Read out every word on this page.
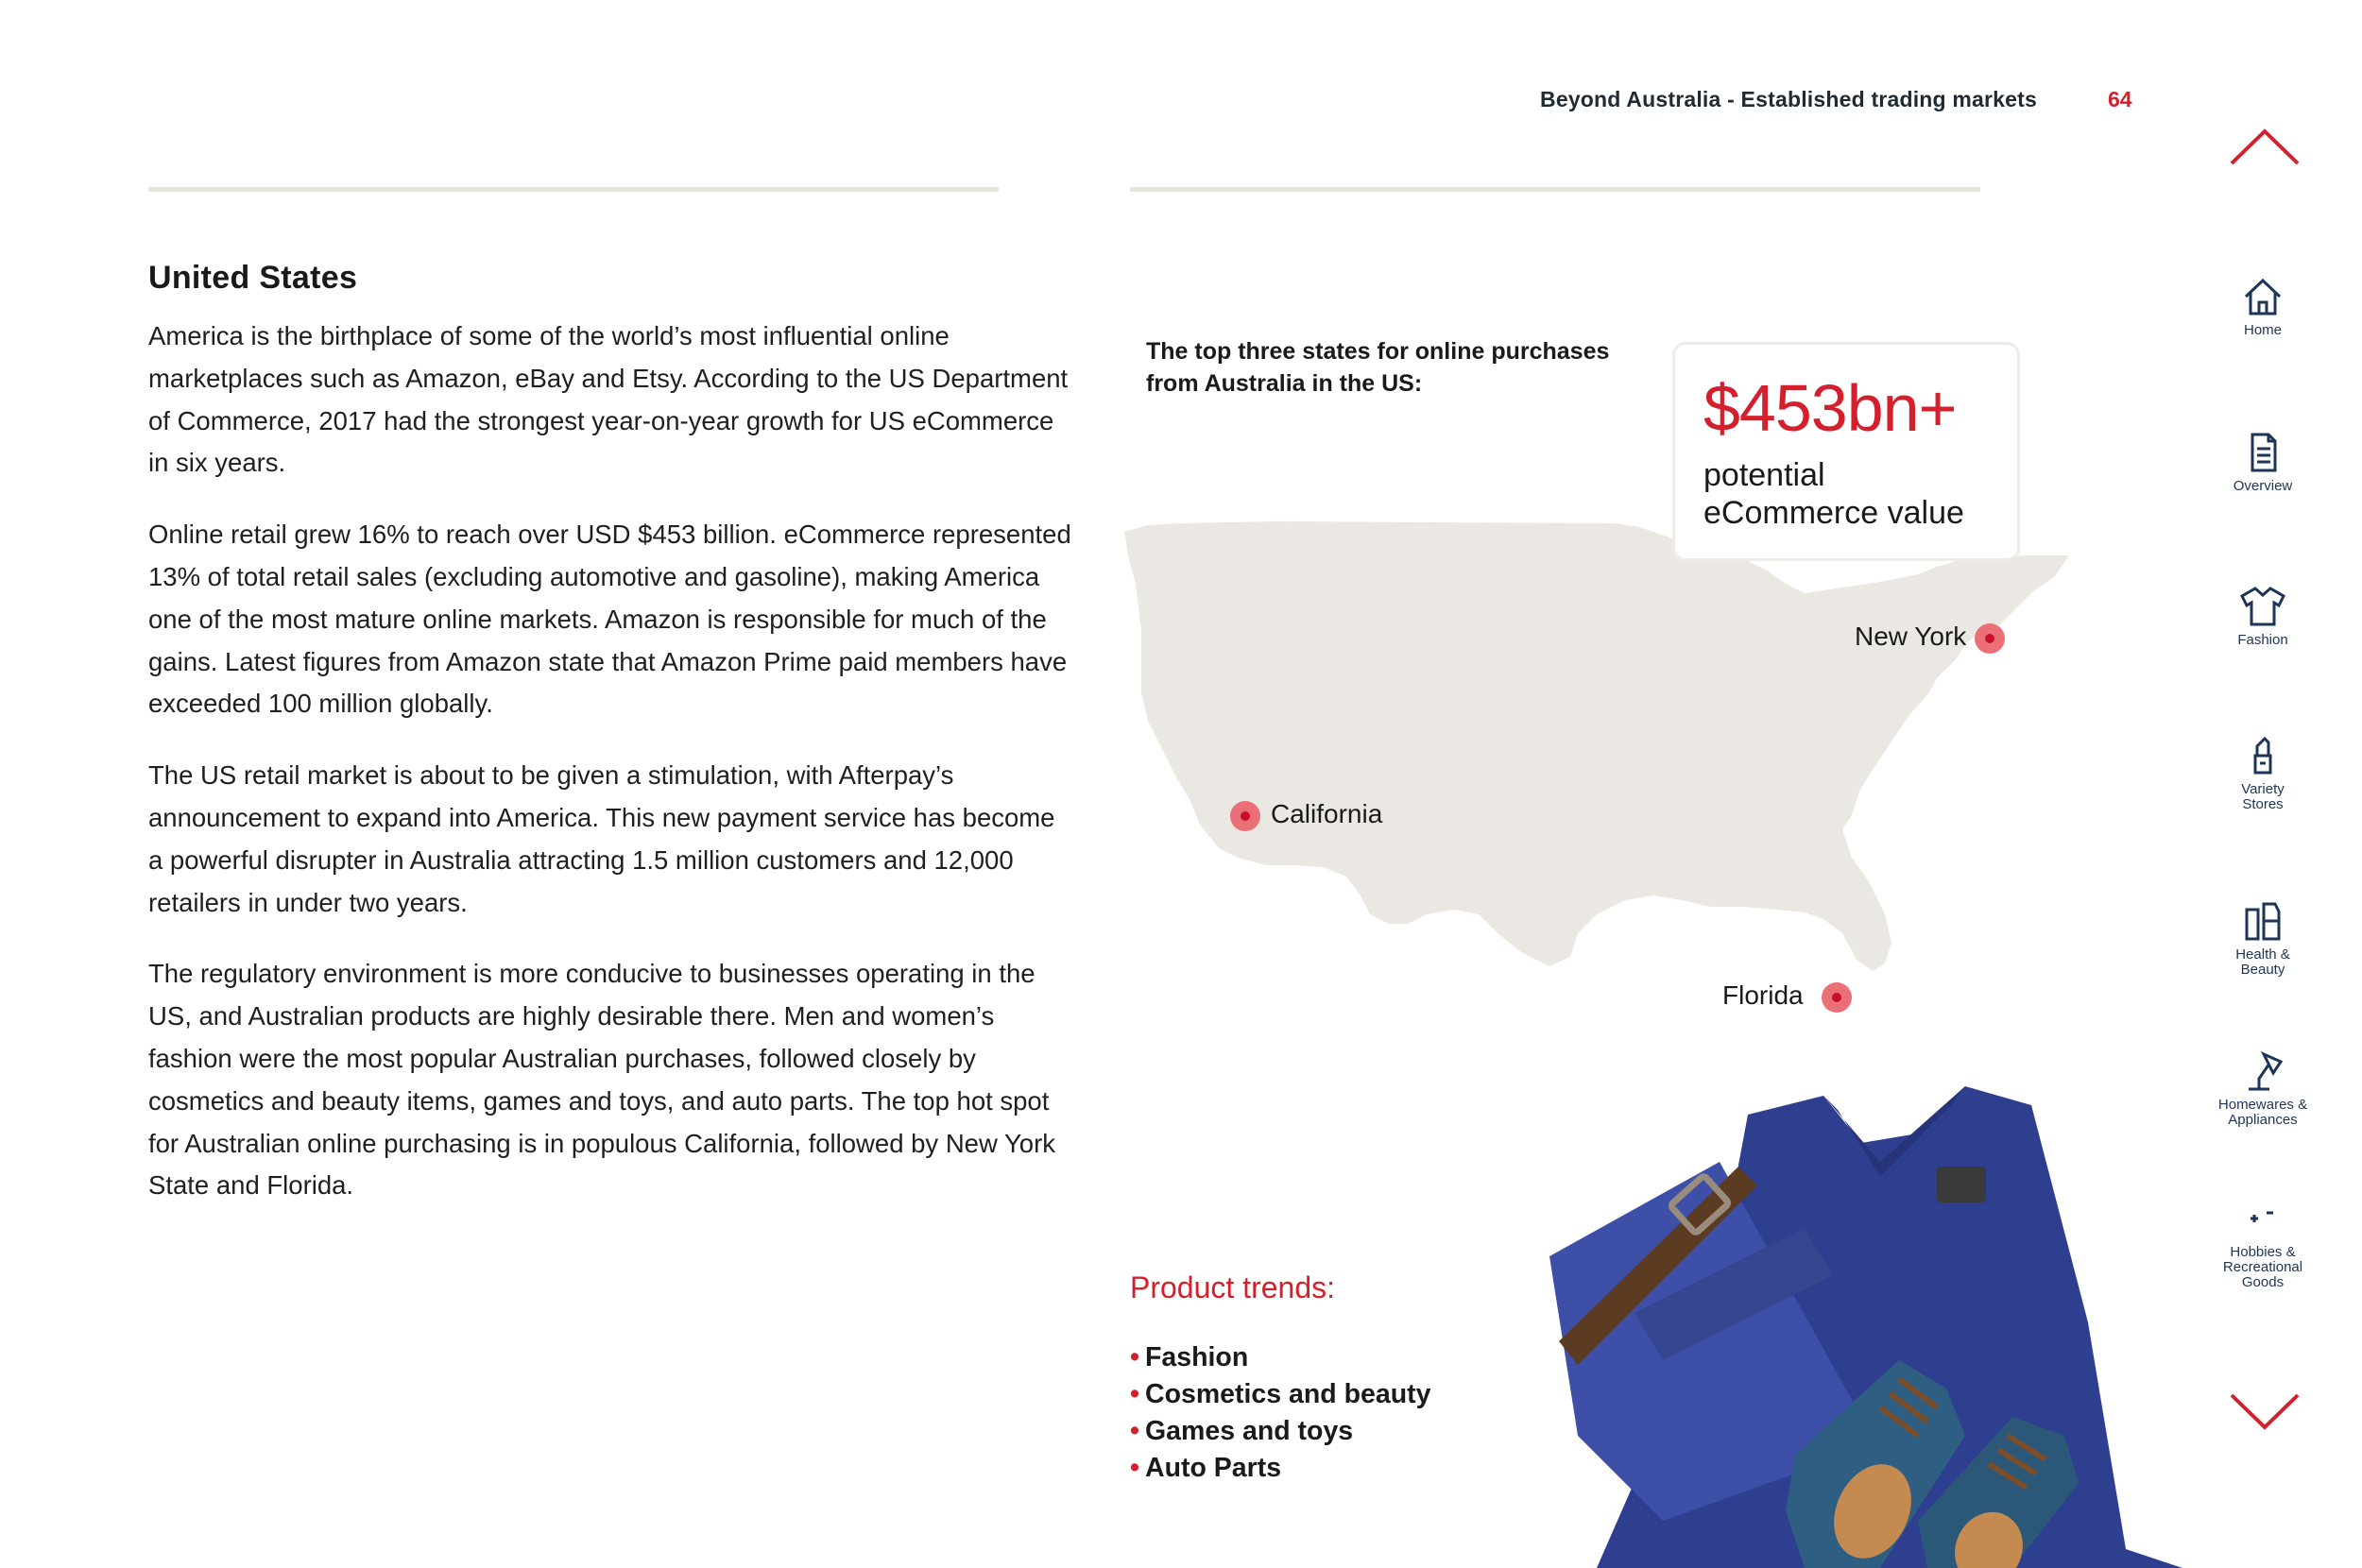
Beyond Australia - Established trading markets	64
United States

America is the birthplace of some of the world’s most influential online marketplaces such as Amazon, eBay and Etsy. According to the US Department of Commerce, 2017 had the strongest year-on-year growth for US eCommerce in six years.

Online retail grew 16% to reach over USD $453 billion. eCommerce represented 13% of total retail sales (excluding automotive and gasoline), making America one of the most mature online markets. Amazon is responsible for much of the gains. Latest figures from Amazon state that Amazon Prime paid members have exceeded 100 million globally.

The US retail market is about to be given a stimulation, with Afterpay’s announcement to expand into America. This new payment service has become a powerful disrupter in Australia attracting 1.5 million customers and 12,000 retailers in under two years.

The regulatory environment is more conducive to businesses operating in the US, and Australian products are highly desirable there. Men and women’s fashion were the most popular Australian purchases, followed closely by cosmetics and beauty items, games and toys, and auto parts. The top hot spot for Australian online purchasing is in populous California, followed by New York State and Florida.

The top three states for online purchases from Australia in the US:
New York
California
Florida
$453bn+
potential
eCommerce value
Product trends:
• Fashion
• Cosmetics and beauty
• Games and toys
• Auto Parts
Home
Overview
Fashion
Variety
Stores
Health &
Beauty
Homewares &
Appliances
Hobbies &
Recreational
Goods
